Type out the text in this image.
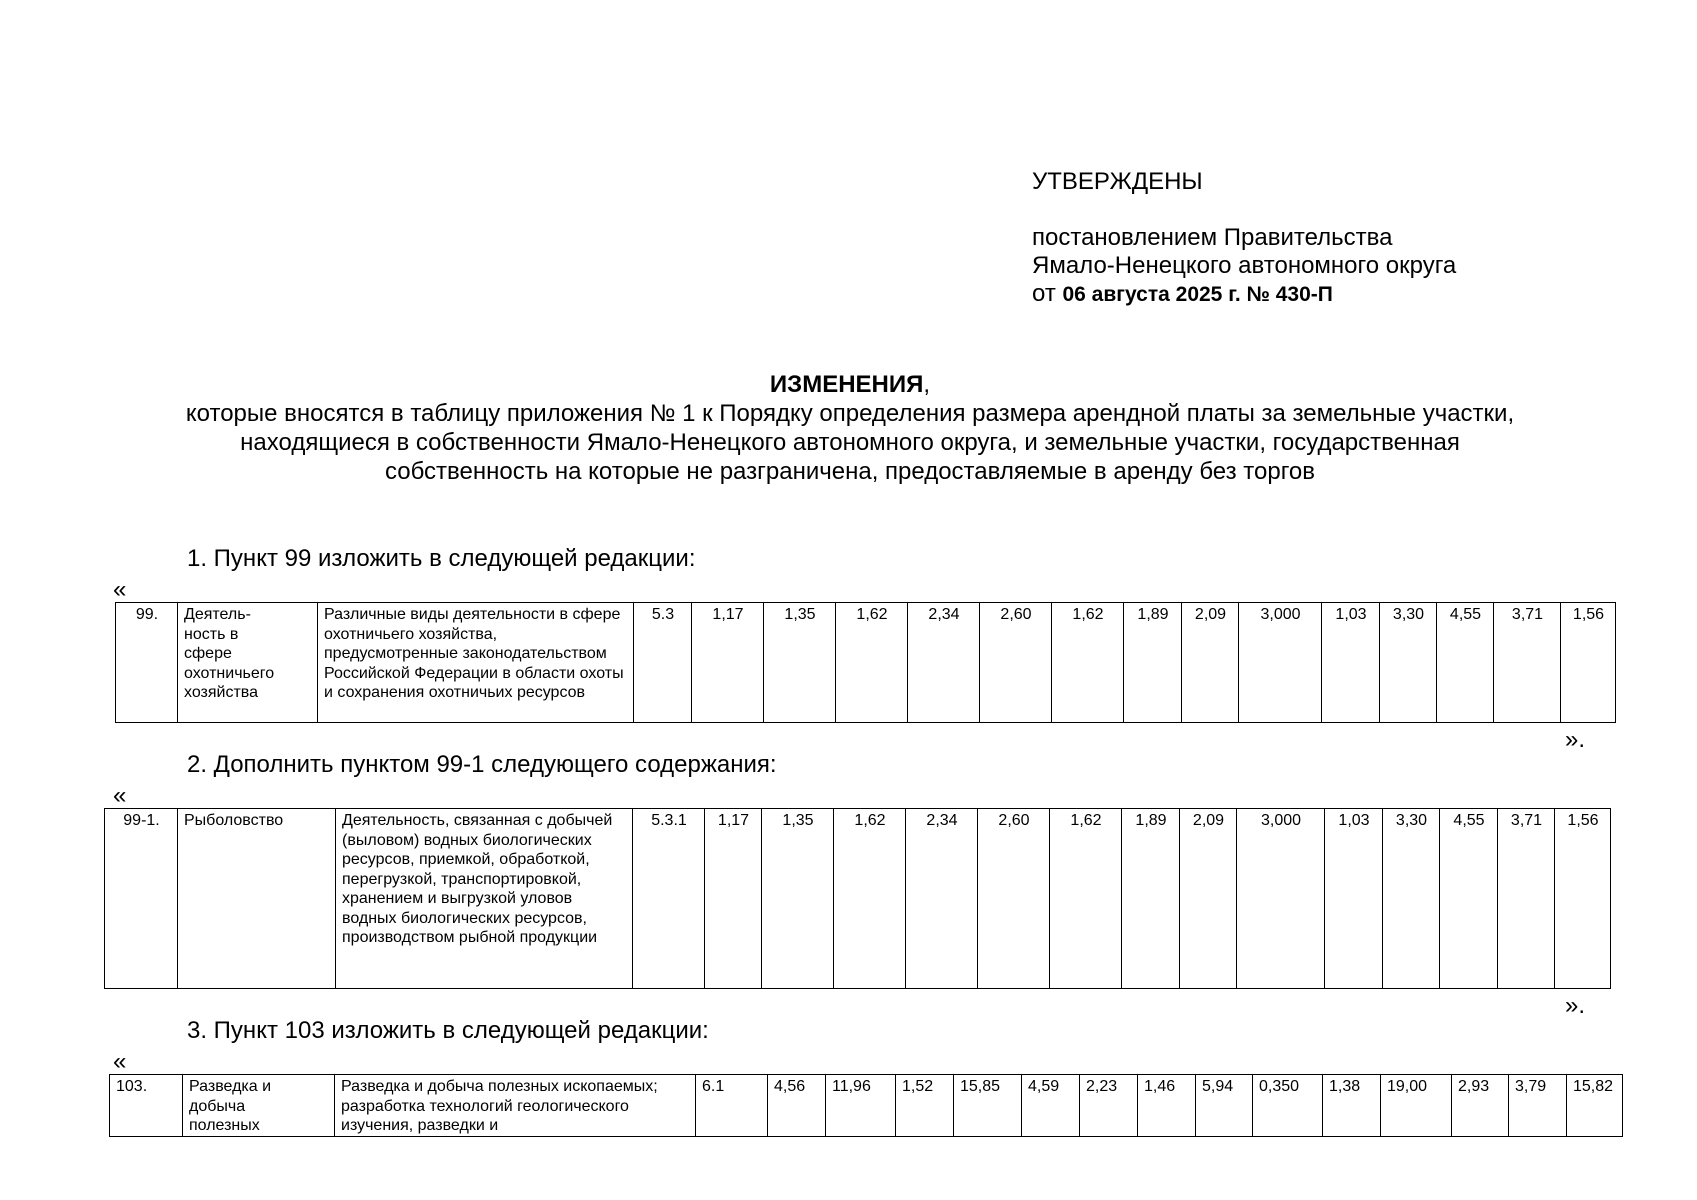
УТВЕРЖДЕНЫ
постановлением Правительства
Ямало-Ненецкого автономного округа
от 06 августа 2025 г. № 430-П
ИЗМЕНЕНИЯ,
которые вносятся в таблицу приложения № 1 к Порядку определения размера арендной платы за земельные участки,
находящиеся в собственности Ямало-Ненецкого автономного округа, и земельные участки, государственная
собственность на которые не разграничена, предоставляемые в аренду без торгов
1. Пункт 99 изложить в следующей редакции:
«
99.	Деятель-
ность в
сфере
охотничьего
хозяйства	Различные виды деятельности в сфере охотничьего хозяйства, предусмотренные законодательством Российской Федерации в области охоты и сохранения охотничьих ресурсов	5.3	1,17	1,35	1,62	2,34	2,60	1,62	1,89	2,09	3,000	1,03	3,30	4,55	3,71	1,56
».
2. Дополнить пунктом 99-1 следующего содержания:
«
99-1.	Рыболовство	Деятельность, связанная с добычей (выловом) водных биологических ресурсов, приемкой, обработкой, перегрузкой, транспортировкой, хранением и выгрузкой уловов водных биологических ресурсов, производством рыбной продукции	5.3.1	1,17	1,35	1,62	2,34	2,60	1,62	1,89	2,09	3,000	1,03	3,30	4,55	3,71	1,56
».
3. Пункт 103 изложить в следующей редакции:
«
103.	Разведка и
добыча
полезных	Разведка и добыча полезных ископаемых; разработка технологий геологического изучения, разведки и	6.1	4,56	11,96	1,52	15,85	4,59	2,23	1,46	5,94	0,350	1,38	19,00	2,93	3,79	15,82
